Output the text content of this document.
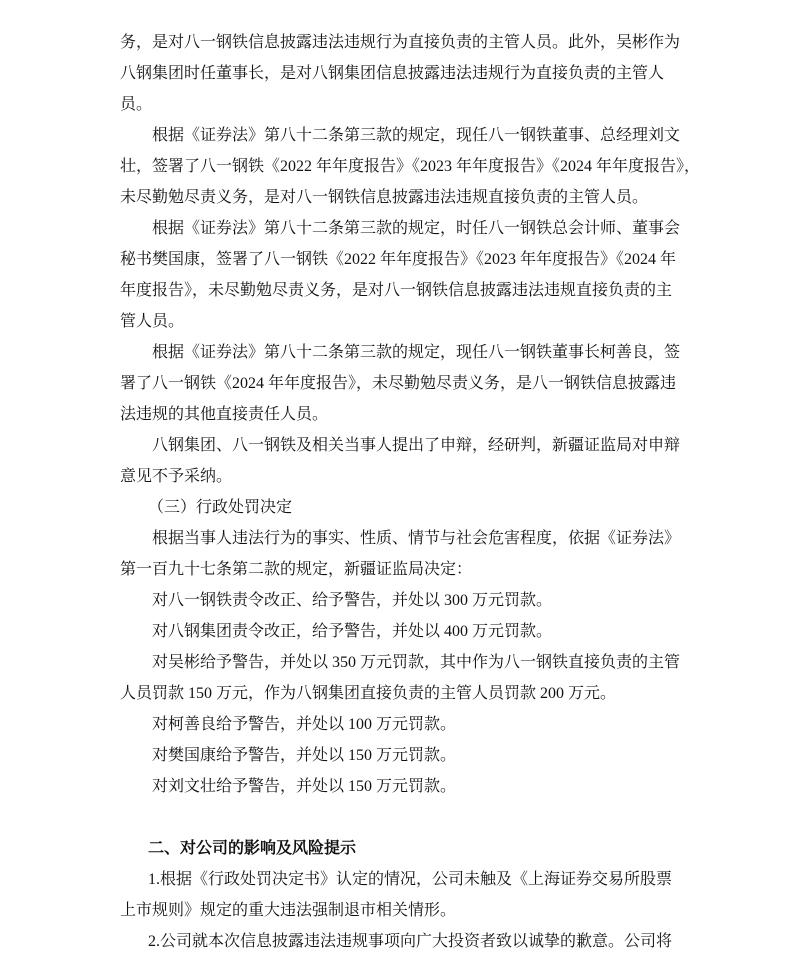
务，是对八一钢铁信息披露违法违规行为直接负责的主管人员。此外，吴彬作为
八钢集团时任董事长，是对八钢集团信息披露违法违规行为直接负责的主管人
员。
根据《证券法》第八十二条第三款的规定，现任八一钢铁董事、总经理刘文
壮，签署了八一钢铁《2022 年年度报告》《2023 年年度报告》《2024 年年度报告》，
未尽勤勉尽责义务，是对八一钢铁信息披露违法违规直接负责的主管人员。
根据《证券法》第八十二条第三款的规定，时任八一钢铁总会计师、董事会
秘书樊国康，签署了八一钢铁《2022 年年度报告》《2023 年年度报告》《2024 年
年度报告》，未尽勤勉尽责义务，是对八一钢铁信息披露违法违规直接负责的主
管人员。
根据《证券法》第八十二条第三款的规定，现任八一钢铁董事长柯善良，签
署了八一钢铁《2024 年年度报告》，未尽勤勉尽责义务，是八一钢铁信息披露违
法违规的其他直接责任人员。
八钢集团、八一钢铁及相关当事人提出了申辩，经研判，新疆证监局对申辩
意见不予采纳。
（三）行政处罚决定
根据当事人违法行为的事实、性质、情节与社会危害程度，依据《证券法》
第一百九十七条第二款的规定，新疆证监局决定：
对八一钢铁责令改正、给予警告，并处以 300 万元罚款。
对八钢集团责令改正，给予警告，并处以 400 万元罚款。
对吴彬给予警告，并处以 350 万元罚款，其中作为八一钢铁直接负责的主管
人员罚款 150 万元，作为八钢集团直接负责的主管人员罚款 200 万元。
对柯善良给予警告，并处以 100 万元罚款。
对樊国康给予警告，并处以 150 万元罚款。
对刘文壮给予警告，并处以 150 万元罚款。
二、对公司的影响及风险提示
1.根据《行政处罚决定书》认定的情况，公司未触及《上海证券交易所股票
上市规则》规定的重大违法强制退市相关情形。
2.公司就本次信息披露违法违规事项向广大投资者致以诚挚的歉意。公司将
